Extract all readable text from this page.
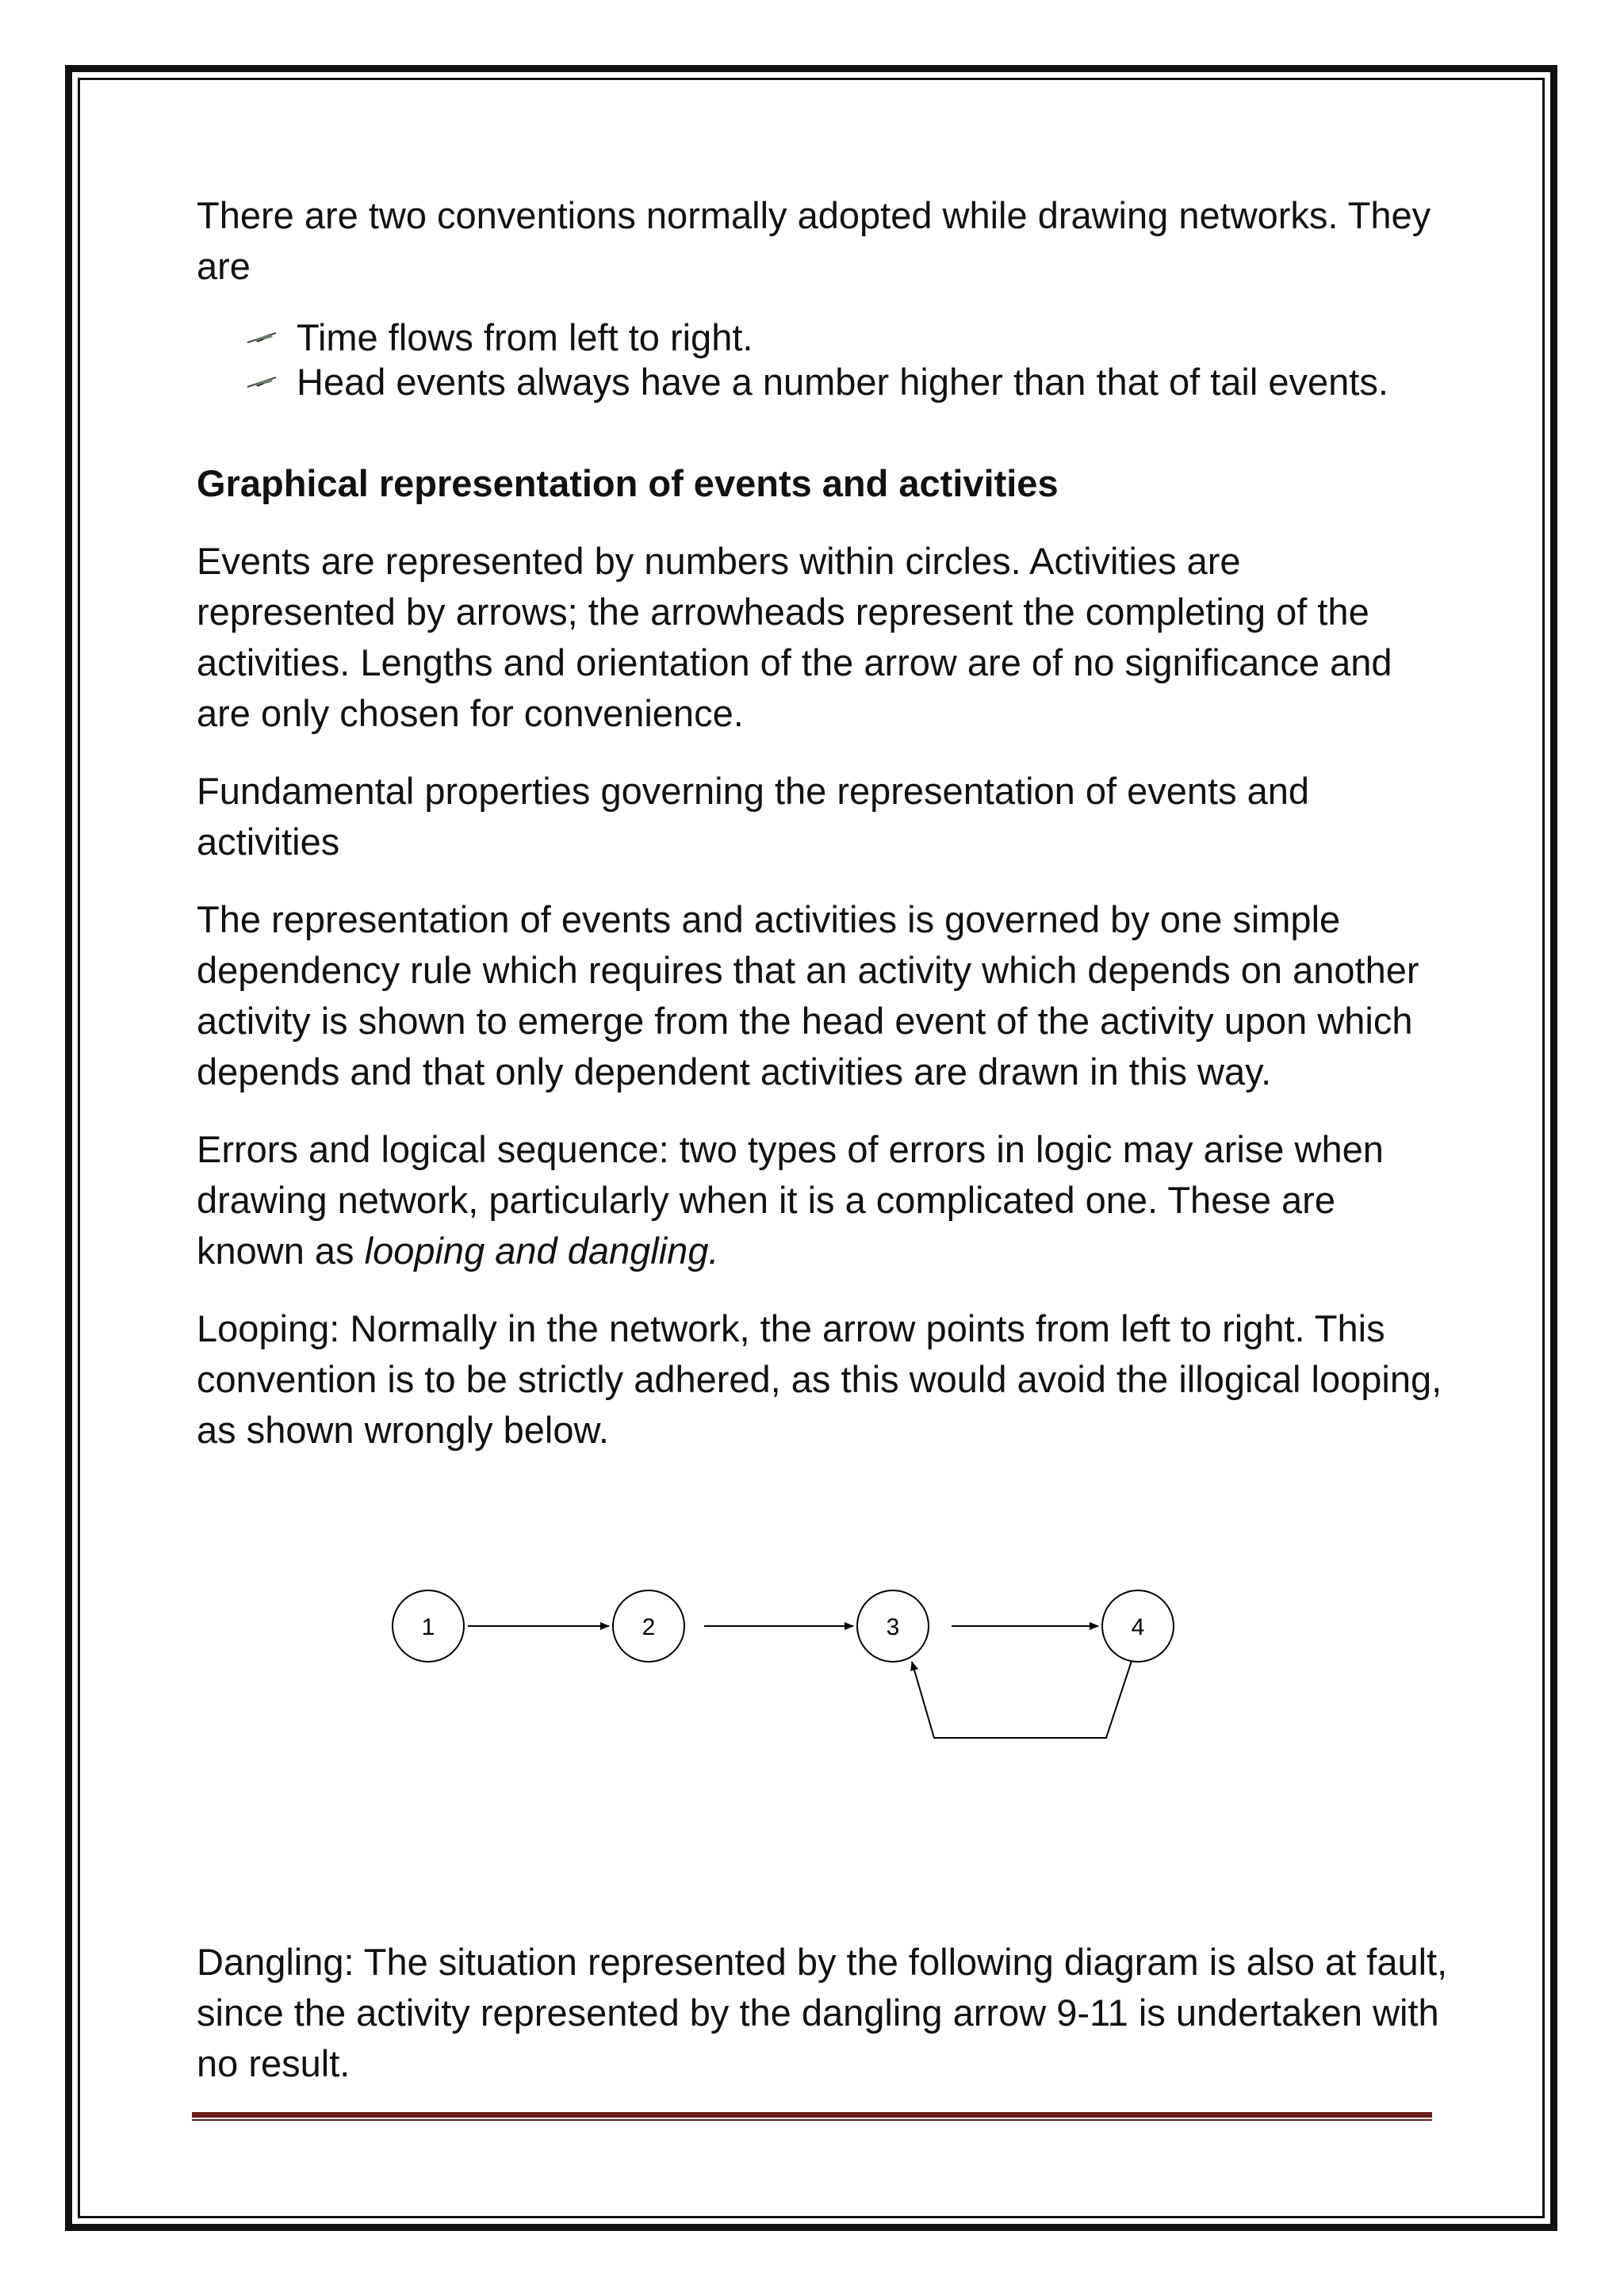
There are two conventions normally adopted while drawing networks. They are

Time flows from left to right.
Head events always have a number higher than that of tail events.
Graphical representation of events and activities

Events are represented by numbers within circles. Activities are represented by arrows; the arrowheads represent the completing of the activities. Lengths and orientation of the arrow are of no significance and are only chosen for convenience.

Fundamental properties governing the representation of events and activities

The representation of events and activities is governed by one simple dependency rule which requires that an activity which depends on another activity is shown to emerge from the head event of the activity upon which depends and that only dependent activities are drawn in this way.

Errors and logical sequence: two types of errors in logic may arise when drawing network, particularly when it is a complicated one. These are known as looping and dangling.

Looping: Normally in the network, the arrow points from left to right. This convention is to be strictly adhered, as this would avoid the illogical looping, as shown wrongly below.

1	2	3	4

Dangling: The situation represented by the following diagram is also at fault, since the activity represented by the dangling arrow 9-11 is undertaken with no result.
